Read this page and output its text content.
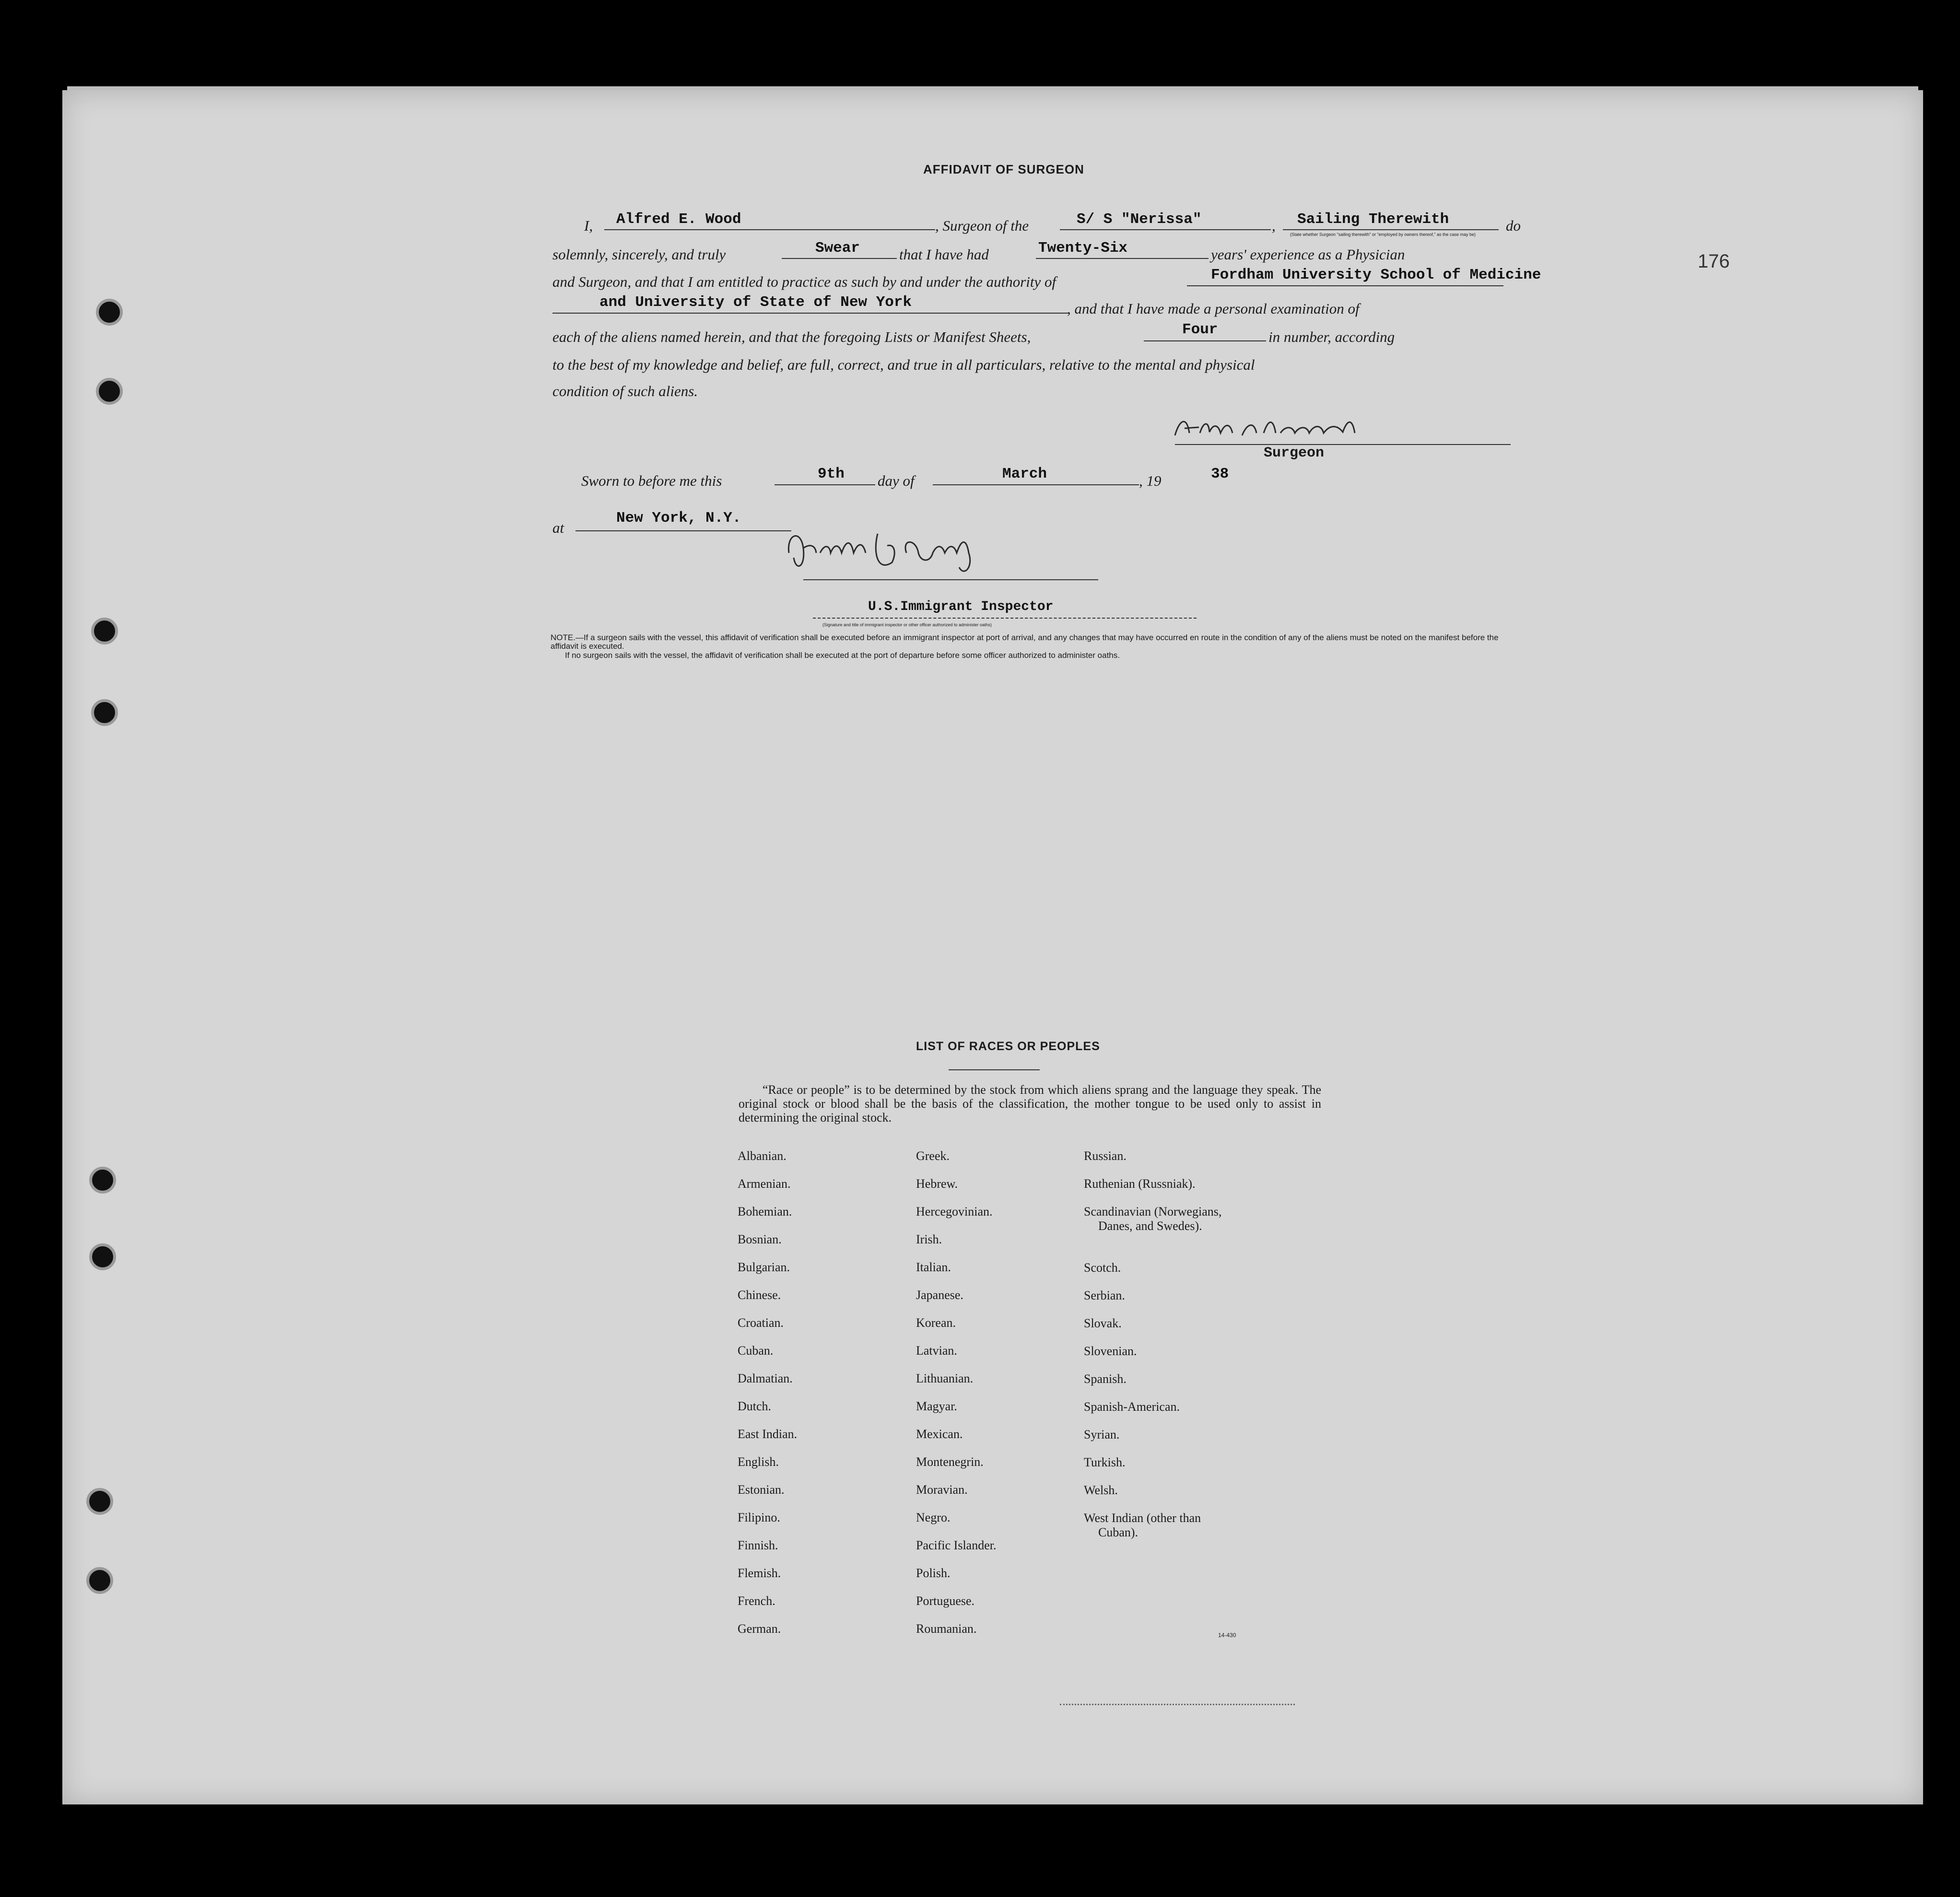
176
AFFIDAVIT OF SURGEON
I, Alfred E. Wood	, Surgeon of the	S/ S "Nerissa"	, Sailing Therewith
(State whether Surgeon "sailing therewith" or "employed by owners thereof," as the case may be)
do
solemnly, sincerely, and truly	Swear	that I have had	Twenty-Six	years' experience as a Physician
and Surgeon, and that I am entitled to practice as such by and under the authority of	Fordham University School of Medicine
and University of State of New York	, and that I have made a personal examination of
each of the aliens named herein, and that the foregoing Lists or Manifest Sheets,	Four	in number, according
to the best of my knowledge and belief, are full, correct, and true in all particulars, relative to the mental and physical
condition of such aliens.
Surgeon
Sworn to before me this	9th day of	March	, 19	38
at
New York, N.Y.
U.S.Immigrant Inspector
(Signature and title of immigrant inspector or other officer authorized to administer oaths)
NOTE.—If a surgeon sails with the vessel, this affidavit of verification shall be executed before an immigrant inspector at port of arrival, and any changes that may have occurred en route in the condition of any of the aliens must be noted on the manifest before the affidavit is executed.
If no surgeon sails with the vessel, the affidavit of verification shall be executed at the port of departure before some officer authorized to administer oaths.
LIST OF RACES OR PEOPLES
“Race or people” is to be determined by the stock from which aliens sprang and the language they speak. The original stock or blood shall be the basis of the classification, the mother tongue to be used only to assist in determining the original stock.
Albanian.
Armenian.
Bohemian.
Bosnian.
Bulgarian.
Chinese.
Croatian.
Cuban.
Dalmatian.
Dutch.
East Indian.
English.
Estonian.
Filipino.
Finnish.
Flemish.
French.
German.
Greek.
Hebrew.
Hercegovinian.
Irish.
Italian.
Japanese.
Korean.
Latvian.
Lithuanian.
Magyar.
Mexican.
Montenegrin.
Moravian.
Negro.
Pacific Islander.
Polish.
Portuguese.
Roumanian.
Russian.
Ruthenian (Russniak).
Scandinavian (Norwegians,
Danes, and Swedes).
Scotch.
Serbian.
Slovak.
Slovenian.
Spanish.
Spanish-American.
Syrian.
Turkish.
Welsh.
West Indian (other than
Cuban).
14-430
